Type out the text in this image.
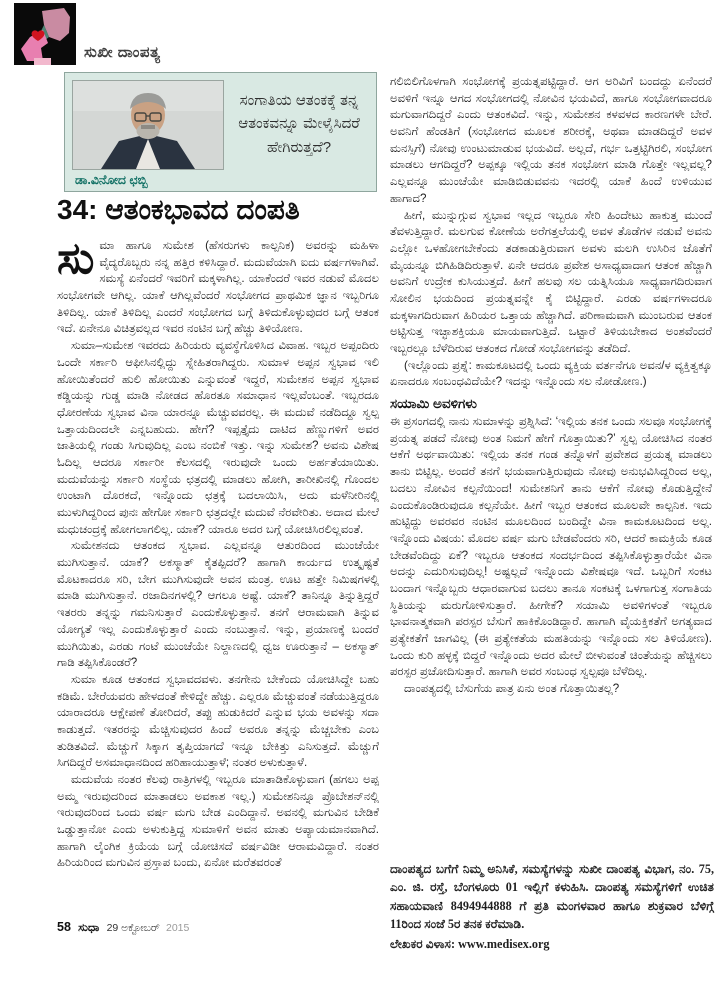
ಸುಖೀ ದಾಂಪತ್ಯ
ಡಾ.ವಿನೋದ ಛಬ್ಬಿ
ಸಂಗಾತಿಯ ಆತಂಕಕ್ಕೆ ತನ್ನ ಆತಂಕವನ್ನೂ ಮೇಳೈಸಿದರೆ ಹೇಗಿರುತ್ತದೆ?
34: ಆತಂಕಭಾವದ ದಂಪತಿ

ಸುಮಾ ಹಾಗೂ ಸುಮೇಶ (ಹೆಸರುಗಳು ಕಾಲ್ಪನಿಕ) ಅವರನ್ನು ಮಹಿಳಾ ವೈದ್ಯರೊಬ್ಬರು ನನ್ನ ಹತ್ತಿರ ಕಳಿಸಿದ್ದಾರೆ. ಮದುವೆಯಾಗಿ ಐದು ವರ್ಷಗಳಾಗಿವೆ. ಸಮಸ್ಯೆ ಏನೆಂದರೆ ಇವರಿಗೆ ಮಕ್ಕಳಾಗಿಲ್ಲ. ಯಾಕೆಂದರೆ ಇವರ ನಡುವೆ ಮೊದಲ ಸಂಭೋಗವೇ ಆಗಿಲ್ಲ. ಯಾಕೆ ಆಗಿಲ್ಲವೆಂದರೆ ಸಂಭೋಗದ ಪ್ರಾಥಮಿಕ ಜ್ಞಾನ ಇಬ್ಬರಿಗೂ ತಿಳಿದಿಲ್ಲ. ಯಾಕೆ ತಿಳಿದಿಲ್ಲ ಎಂದರೆ ಸಂಭೋಗದ ಬಗ್ಗೆ ತಿಳಿದುಕೊಳ್ಳುವುದರ ಬಗ್ಗೆ ಆತಂಕ ಇದೆ. ಏನೇನೂ ವಿಚಿತ್ರವಲ್ಲದ ಇವರ ನಂಟಿನ ಬಗ್ಗೆ ಹೆಚ್ಚು ತಿಳಿಯೋಣ.

ಸುಮಾ–ಸುಮೇಶ ಇವರದು ಹಿರಿಯರು ವ್ಯವಸ್ಥೆಗೊಳಿಸಿದ ವಿವಾಹ. ಇಬ್ಬರ ಅಪ್ಪಂದಿರು ಒಂದೇ ಸರ್ಕಾರಿ ಆಫೀಸಿನಲ್ಲಿದ್ದು ಸ್ನೇಹಿತರಾಗಿದ್ದರು. ಸುಮಾಳ ಅಪ್ಪನ ಸ್ವಭಾವ ಇಲಿ ಹೋಯಿತೆಂದರೆ ಹುಲಿ ಹೋಯಿತು ಎನ್ನುವಂತೆ ಇದ್ದರೆ, ಸುಮೇಶನ ಅಪ್ಪನ ಸ್ವಭಾವ ಕಡ್ಡಿಯನ್ನು ಗುಡ್ಡ ಮಾಡಿ ನೋಡದ ಹೊರತೂ ಸಮಾಧಾನ ಇಲ್ಲವೆಂಬಂತೆ. ಇಬ್ಬರದೂ ಧೋರಣೆಯ ಸ್ವಭಾವ ವಿನಾ ಯಾರನ್ನೂ ಮೆಚ್ಚುವವರಲ್ಲ. ಈ ಮದುವೆ ನಡೆದಿದ್ದೂ ಸ್ವಲ್ಪ ಒತ್ತಾಯದಿಂದಲೇ ಎನ್ನಬಹುದು. ಹೇಗೆ? ಇಪ್ಪತ್ತೈದು ದಾಟಿದ ಹೆಣ್ಣುಗಳಿಗೆ ಅವರ ಜಾತಿಯಲ್ಲಿ ಗಂಡು ಸಿಗುವುದಿಲ್ಲ ಎಂಬ ನಂಬಿಕೆ ಇತ್ತು. ಇನ್ನು ಸುಮೇಶ? ಅವನು ವಿಶೇಷ ಓದಿಲ್ಲ ಆದರೂ ಸರ್ಕಾರೀ ಕೆಲಸದಲ್ಲಿ ಇರುವುದೇ ಒಂದು ಅರ್ಹತೆಯಾಯಿತು. ಮದುವೆಯನ್ನು ಸರ್ಕಾರಿ ಸಂಸ್ಥೆಯ ಛತ್ರದಲ್ಲಿ ಮಾಡಲು ಹೋಗಿ, ತಾರೀಖಿನಲ್ಲಿ ಗೊಂದಲ ಉಂಟಾಗಿ ದೊರಕದೆ, ಇನ್ನೊಂದು ಛತ್ರಕ್ಕೆ ಬದಲಾಯಿಸಿ, ಅದು ಮಳೆನೀರಿನಲ್ಲಿ ಮುಳುಗಿದ್ದರಿಂದ ಪುನಃ ಹೇಗೋ ಸರ್ಕಾರಿ ಛತ್ರದಲ್ಲೇ ಮದುವೆ ನೆರವೇರಿತು. ಅದಾದ ಮೇಲೆ ಮಧುಚಂದ್ರಕ್ಕೆ ಹೋಗಲಾಗಲಿಲ್ಲ. ಯಾಕೆ? ಯಾರೂ ಅದರ ಬಗ್ಗೆ ಯೋಚಿಸಿರಲಿಲ್ಲವಂತೆ.

ಸುಮೇಶನದು ಆತಂಕದ ಸ್ವಭಾವ. ಎಲ್ಲವನ್ನೂ ಆತುರದಿಂದ ಮುಂಚೆಯೇ ಮುಗಿಸುತ್ತಾನೆ. ಯಾಕೆ? ಅಕಸ್ಮಾತ್ ಕೈತಪ್ಪಿದರೆ? ಹಾಗಾಗಿ ಕಾರ್ಯದ ಉತ್ಕೃಷ್ಟತೆ ಮೊಟಕಾದರೂ ಸರಿ, ಬೇಗ ಮುಗಿಸುವುದೇ ಅವನ ಮಂತ್ರ. ಊಟ ಹತ್ತೇ ನಿಮಿಷಗಳಲ್ಲಿ ಮಾಡಿ ಮುಗಿಸುತ್ತಾನೆ. ರಜಾದಿನಗಳಲ್ಲಿ? ಆಗಲೂ ಅಷ್ಟೆ. ಯಾಕೆ? ತಾನಿನ್ನೂ ತಿನ್ನುತ್ತಿದ್ದರೆ ಇತರರು ತನ್ನನ್ನು ಗಮನಿಸುತ್ತಾರೆ ಎಂದುಕೊಳ್ಳುತ್ತಾನೆ. ತನಗೆ ಆರಾಮವಾಗಿ ತಿನ್ನುವ ಯೋಗ್ಯತೆ ಇಲ್ಲ ಎಂದುಕೊಳ್ಳುತ್ತಾರೆ ಎಂದು ನಂಬುತ್ತಾನೆ. ಇನ್ನು, ಪ್ರಯಾಣಕ್ಕೆ ಬಂದರೆ ಮುಗಿಯಿತು, ಎರಡು ಗಂಟೆ ಮುಂಚೆಯೇ ನಿಲ್ದಾಣದಲ್ಲಿ ಧ್ವಜ ಊರುತ್ತಾನೆ – ಅಕಸ್ಮಾತ್ ಗಾಡಿ ತಪ್ಪಿಸಿಕೊಂಡರೆ?

ಸುಮಾ ಕೂಡ ಆತಂಕದ ಸ್ವಭಾವದವಳು. ತನಗೇನು ಬೇಕೆಂದು ಯೋಚಿಸಿದ್ದೇ ಬಹು ಕಡಿಮೆ. ಬೇರೆಯವರು ಹೇಳದಂತೆ ಕೇಳಿದ್ದೇ ಹೆಚ್ಚು. ಎಲ್ಲರೂ ಮೆಚ್ಚುವಂತೆ ನಡೆಯುತ್ತಿದ್ದರೂ ಯಾರಾದರೂ ಆಕ್ಷೇಪಣೆ ತೋರಿದರೆ, ತಪ್ಪು ಹುಡುಕಿದರೆ ಎನ್ನುವ ಭಯ ಅವಳನ್ನು ಸದಾ ಕಾಡುತ್ತದೆ. ಇತರರನ್ನು ಮೆಚ್ಚಿಸುವುದರ ಹಿಂದೆ ಅವರೂ ತನ್ನನ್ನು ಮೆಚ್ಚಬೇಕು ಎಂಬ ತುಡಿತವಿದೆ. ಮೆಚ್ಚುಗೆ ಸಿಕ್ಕಾಗ ತೃಪ್ತಿಯಾಗದೆ ಇನ್ನೂ ಬೇಕಿತ್ತು ಎನಿಸುತ್ತದೆ. ಮೆಚ್ಚುಗೆ ಸಿಗದಿದ್ದರೆ ಅಸಮಾಧಾನದಿಂದ ಹರಿಹಾಯುತ್ತಾಳೆ; ನಂತರ ಅಳುಕುತ್ತಾಳೆ.

ಮದುವೆಯ ನಂತರ ಕೆಲವು ರಾತ್ರಿಗಳಲ್ಲಿ ಇಬ್ಬರೂ ಮಾತಾಡಿಕೊಳ್ಳುವಾಗ (ಹಗಲು ಅಪ್ಪ ಅಮ್ಮ ಇರುವುದರಿಂದ ಮಾತಾಡಲು ಅವಕಾಶ ಇಲ್ಲ.) ಸುಮೇಶನಿನ್ನೂ ಪ್ರೊಬೇಶನ್‌ನಲ್ಲಿ ಇರುವುದರಿಂದ ಒಂದು ವರ್ಷ ಮಗು ಬೇಡ ಎಂದಿದ್ದಾನೆ. ಅವನಲ್ಲಿ ಮಗುವಿನ ಬೇಡಿಕೆ ಒಡ್ಡುತ್ತಾನೋ ಎಂದು ಅಳುಕುತ್ತಿದ್ದ ಸುಮಾಳಿಗೆ ಅವನ ಮಾತು ಅಪ್ಯಾಯಮಾನವಾಗಿದೆ. ಹಾಗಾಗಿ ಲೈಂಗಿಕ ಕ್ರಿಯೆಯ ಬಗ್ಗೆ ಯೋಚಿಸದೆ ವರ್ಷವಿಡೀ ಆರಾಮವಿದ್ದಾರೆ. ನಂತರ ಹಿರಿಯರಿಂದ ಮಗುವಿನ ಪ್ರಸ್ತಾಪ ಬಂದು, ಏನೋ ಮರೆತವರಂತೆ

ಗಲಿಬಿಲಿಗೊಳಗಾಗಿ ಸಂಭೋಗಕ್ಕೆ ಪ್ರಯತ್ನಪಟ್ಟಿದ್ದಾರೆ. ಆಗ ಅರಿವಿಗೆ ಬಂದದ್ದು ಏನೆಂದರೆ ಅವಳಿಗೆ ಇನ್ನೂ ಆಗದ ಸಂಭೋಗದಲ್ಲಿ ನೋವಿನ ಭಯವಿದೆ, ಹಾಗೂ ಸಂಭೋಗವಾದರೂ ಮಗುವಾಗದಿದ್ದರೆ ಎಂದು ಆತಂಕವಿದೆ. ಇನ್ನು, ಸುಮೇಶನ ಕಳವಳದ ಕಾರಣಗಳೇ ಬೇರೆ. ಅವನಿಗೆ ಹೆಂಡತಿಗೆ (ಸಂಭೋಗದ ಮೂಲಕ ಶರೀರಕ್ಕೆ, ಅಥವಾ ಮಾಡದಿದ್ದರೆ ಅವಳ ಮನಸ್ಸಿಗೆ) ನೋವು ಉಂಟುಮಾಡುವ ಭಯವಿದೆ. ಅಲ್ಲದೆ, ಗರ್ಭ ಒತ್ತಟ್ಟಿಗಿರಲಿ, ಸಂಭೋಗ ಮಾಡಲು ಆಗದಿದ್ದರೆ? ಅಪ್ಪಕ್ಕೂ ಇಲ್ಲಿಯ ತನಕ ಸಂಭೋಗ ಮಾಡಿ ಗೊತ್ತೇ ಇಲ್ಲವಲ್ಲ? ಎಲ್ಲವನ್ನೂ ಮುಂಚೆಯೇ ಮಾಡಿಬಿಡುವವನು ಇದರಲ್ಲಿ ಯಾಕೆ ಹಿಂದೆ ಉಳಿಯುವ ಹಾಗಾದ?

ಹೀಗೆ, ಮುನ್ನುಗ್ಗುವ ಸ್ವಭಾವ ಇಲ್ಲದ ಇಬ್ಬರೂ ಸೇರಿ ಹಿಂದೇಟು ಹಾಕುತ್ತ ಮುಂದೆ ತೆವಳುತ್ತಿದ್ದಾರೆ. ಮಲಗುವ ಕೋಣೆಯ ಅರೆಗತ್ತಲೆಯಲ್ಲಿ ಅವಳ ತೊಡೆಗಳ ನಡುವೆ ಅವನು ಎಲ್ಲೋ ಒಳಹೋಗಬೇಕೆಂದು ತಡಕಾಡುತ್ತಿರುವಾಗ ಅವಳು ಮಲಗಿ ಉಸಿರಿನ ಜೊತೆಗೆ ಮೈಯನ್ನೂ ಬಿಗಿಹಿಡಿದಿರುತ್ತಾಳೆ. ಏನೇ ಆದರೂ ಪ್ರವೇಶ ಅಸಾಧ್ಯವಾದಾಗ ಆತಂಕ ಹೆಚ್ಚಾಗಿ ಅವನಿಗೆ ಉದ್ರೇಕ ಕುಸಿಯುತ್ತದೆ. ಹೀಗೆ ಹಲವು ಸಲ ಯತ್ನಿಸಿಯೂ ಸಾಧ್ಯವಾಗದಿರುವಾಗ ಸೋಲಿನ ಭಯದಿಂದ ಪ್ರಯತ್ನವನ್ನೇ ಕೈ ಬಿಟ್ಟಿದ್ದಾರೆ. ಎರಡು ವರ್ಷಗಳಾದರೂ ಮಕ್ಕಳಾಗದಿರುವಾಗ ಹಿರಿಯರ ಒತ್ತಾಯ ಹೆಚ್ಚಾಗಿದೆ. ಪರಿಣಾಮವಾಗಿ ಮುಂಬರುವ ಆತಂಕ ಅಟ್ಟಿಸುತ್ತ ಇಚ್ಛಾಶಕ್ತಿಯೂ ಮಾಯವಾಗುತ್ತಿದೆ. ಒಟ್ಟಾರೆ ತಿಳಿಯಬೇಕಾದ ಅಂಶವೆಂದರೆ ಇಬ್ಬರಲ್ಲೂ ಬೆಳೆದಿರುವ ಆತಂಕದ ಗೋಡೆ ಸಂಭೋಗವನ್ನು ತಡೆದಿದೆ.

(ಇಲ್ಲೊಂದು ಪ್ರಶ್ನೆ: ಕಾಮಕೂಟದಲ್ಲಿ ಒಂದು ವ್ಯಕ್ತಿಯ ವರ್ತನೆಗೂ ಅವನ/ಳ ವ್ಯಕ್ತಿತ್ವಕ್ಕೂ ಏನಾದರೂ ಸಂಬಂಧವಿದೆಯೇ? ಇದನ್ನು ಇನ್ನೊಂದು ಸಲ ನೋಡೋಣ.)

ಸಯಾಮಿ ಅವಳಿಗಳು

ಈ ಪ್ರಸಂಗದಲ್ಲಿ ನಾನು ಸುಮಾಳನ್ನು ಪ್ರಶ್ನಿಸಿದೆ: ‘ಇಲ್ಲಿಯ ತನಕ ಒಂದು ಸಲವೂ ಸಂಭೋಗಕ್ಕೆ ಪ್ರಯತ್ನ ಪಡದೆ ನೋವು ಅಂತ ನಿಮಗೆ ಹೇಗೆ ಗೊತ್ತಾಯಿತು?’ ಸ್ವಲ್ಪ ಯೋಚಿಸಿದ ನಂತರ ಆಕೆಗೆ ಅರ್ಥವಾಯಿತು: ಇಲ್ಲಿಯ ತನಕ ಗಂಡ ತನ್ನೊಳಗೆ ಪ್ರವೇಶದ ಪ್ರಯತ್ನ ಮಾಡಲು ತಾನು ಬಿಟ್ಟಿಲ್ಲ. ಅಂದರೆ ತನಗೆ ಭಯವಾಗುತ್ತಿರುವುದು ನೋವು ಅನುಭವಿಸಿದ್ದರಿಂದ ಅಲ್ಲ, ಬದಲು ನೋವಿನ ಕಲ್ಪನೆಯಿಂದ! ಸುಮೇಶನಿಗೆ ತಾನು ಆಕೆಗೆ ನೋವು ಕೊಡುತ್ತಿದ್ದೇನೆ ಎಂದುಕೊಂಡಿರುವುದೂ ಕಲ್ಪನೆಯೇ. ಹೀಗೆ ಇಬ್ಬರ ಆತಂಕದ ಮೂಲವೇ ಕಾಲ್ಪನಿಕ. ಇದು ಹುಟ್ಟಿದ್ದು ಅವರವರ ನಂಟಿನ ಮೂಲದಿಂದ ಬಂದಿದ್ದೇ ವಿನಾ ಕಾಮಕೂಟದಿಂದ ಅಲ್ಲ. ಇನ್ನೊಂದು ವಿಷಯ: ಮೊದಲ ವರ್ಷ ಮಗು ಬೇಡವೆಂದರು ಸರಿ, ಆದರೆ ಕಾಮಕ್ರಿಯೆ ಕೂಡ ಬೇಡವೆಂದಿದ್ದು ಏಕೆ? ಇಬ್ಬರೂ ಆತಂಕದ ಸಂದರ್ಭದಿಂದ ತಪ್ಪಿಸಿಕೊಳ್ಳುತ್ತಾರೆಯೇ ವಿನಾ ಅದನ್ನು ಎದುರಿಸುವುದಿಲ್ಲ! ಅಷ್ಟಲ್ಲದೆ ಇನ್ನೊಂದು ವಿಶೇಷವೂ ಇದೆ. ಒಬ್ಬರಿಗೆ ಸಂಕಟ ಬಂದಾಗ ಇನ್ನೊಬ್ಬರು ಆಧಾರವಾಗುವ ಬದಲು ತಾನೂ ಸಂಕಟಕ್ಕೆ ಒಳಗಾಗುತ್ತ ಸಂಗಾತಿಯ ಸ್ಥಿತಿಯನ್ನು ಮರುಗೋಳಿಸುತ್ತಾರೆ. ಹೀಗೇಕೆ? ಸಯಾಮಿ ಅವಳಿಗಳಂತೆ ಇಬ್ಬರೂ ಭಾವನಾತ್ಮಕವಾಗಿ ಪರಸ್ಪರ ಬೆಸುಗೆ ಹಾಕಿಕೊಂಡಿದ್ದಾರೆ. ಹಾಗಾಗಿ ವೈಯಕ್ತಿಕತೆಗೆ ಅಗತ್ಯವಾದ ಪ್ರತ್ಯೇಕತೆಗೆ ಜಾಗವಿಲ್ಲ (ಈ ಪ್ರತ್ಯೇಕತೆಯ ಮಹತಿಯನ್ನು ಇನ್ನೊಂದು ಸಲ ತಿಳಿಯೋಣ). ಒಂದು ಕುರಿ ಹಳ್ಳಕ್ಕೆ ಬಿದ್ದರೆ ಇನ್ನೊಂದು ಅದರ ಮೇಲೆ ಬೀಳುವಂತೆ ಚಿಂತೆಯನ್ನು ಹೆಚ್ಚಿಸಲು ಪರಸ್ಪರ ಪ್ರಚೋದಿಸುತ್ತಾರೆ. ಹಾಗಾಗಿ ಅವರ ಸಂಬಂಧ ಸ್ವಲ್ಪವೂ ಬೆಳೆದಿಲ್ಲ.

ದಾಂಪತ್ಯದಲ್ಲಿ ಬೆಸುಗೆಯ ಪಾತ್ರ ಏನು ಅಂತ ಗೊತ್ತಾಯಿತಲ್ಲ?

ದಾಂಪತ್ಯದ ಬಗೆಗೆ ನಿಮ್ಮ ಅನಿಸಿಕೆ, ಸಮಸ್ಯೆಗಳನ್ನು ಸುಖೀ ದಾಂಪತ್ಯ ವಿಭಾಗ, ನಂ. 75, ಎಂ. ಜಿ. ರಸ್ತೆ, ಬೆಂಗಳೂರು 01 ಇಲ್ಲಿಗೆ ಕಳುಹಿಸಿ. ದಾಂಪತ್ಯ ಸಮಸ್ಯೆಗಳಿಗೆ ಉಚಿತ ಸಹಾಯವಾಣಿ 8494944888 ಗೆ ಪ್ರತಿ ಮಂಗಳವಾರ ಹಾಗೂ ಶುಕ್ರವಾರ ಬೆಳಿಗ್ಗೆ 11ರಿಂದ ಸಂಜೆ 5ರ ತನಕ ಕರೆಮಾಡಿ.
ಲೇಖಕರ ವಿಳಾಸ: www.medisex.org
58 ಸುಧಾ 29 ಅಕ್ಟೋಬರ್ 2015
